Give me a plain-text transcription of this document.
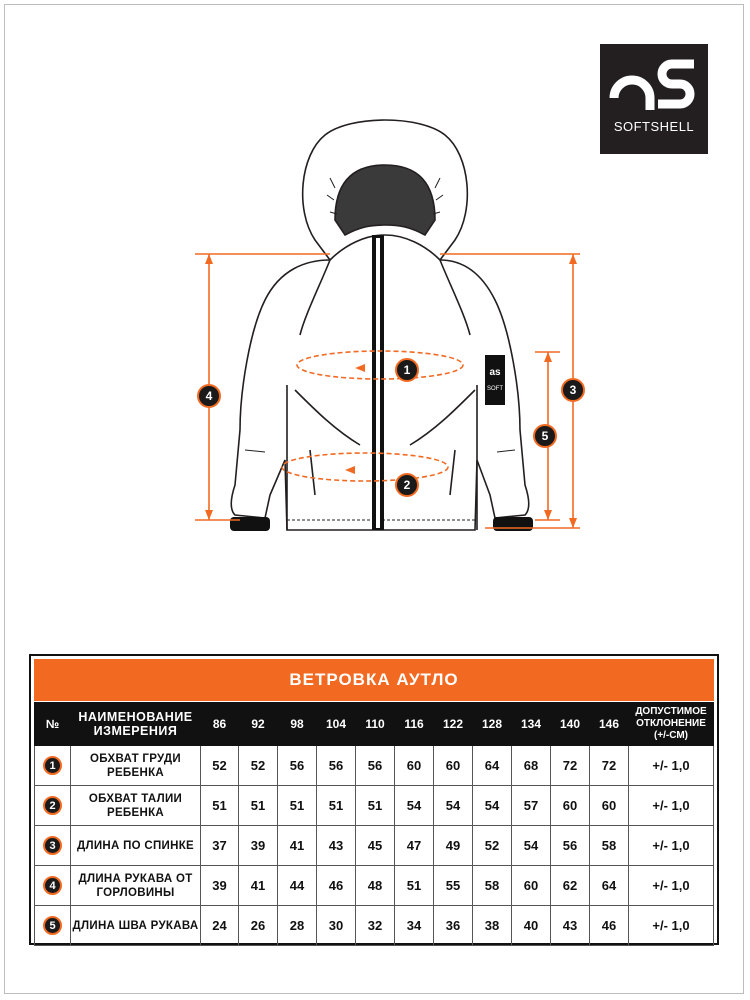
SOFTSHELL
as
SOFT
1
2
3
4
5
ВЕТРОВКА АУТЛО
№	НАИМЕНОВАНИЕ ИЗМЕРЕНИЯ	86	92	98	104	110	116	122	128	134	140	146	ДОПУСТИМОЕ ОТКЛОНЕНИЕ (+/-СМ)
1	ОБХВАТ ГРУДИ РЕБЕНКА	52	52	56	56	56	60	60	64	68	72	72	+/- 1,0
2	ОБХВАТ ТАЛИИ РЕБЕНКА	51	51	51	51	51	54	54	54	57	60	60	+/- 1,0
3	ДЛИНА ПО СПИНКЕ	37	39	41	43	45	47	49	52	54	56	58	+/- 1,0
4	ДЛИНА РУКАВА ОТ ГОРЛОВИНЫ	39	41	44	46	48	51	55	58	60	62	64	+/- 1,0
5	ДЛИНА ШВА РУКАВА	24	26	28	30	32	34	36	38	40	43	46	+/- 1,0
